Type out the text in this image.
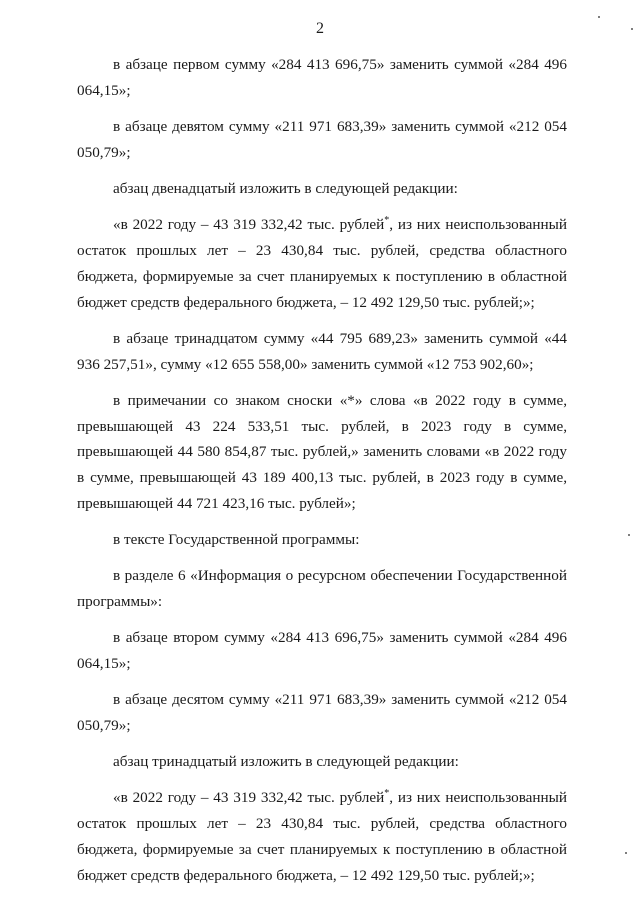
2

в абзаце первом сумму «284 413 696,75» заменить суммой «284 496 064,15»;

в абзаце девятом сумму «211 971 683,39» заменить суммой «212 054 050,79»;

абзац двенадцатый изложить в следующей редакции:

«в 2022 году – 43 319 332,42 тыс. рублей*, из них неиспользованный остаток прошлых лет – 23 430,84 тыс. рублей, средства областного бюджета, формируемые за счет планируемых к поступлению в областной бюджет средств федерального бюджета, – 12 492 129,50 тыс. рублей;»;

в абзаце тринадцатом сумму «44 795 689,23» заменить суммой «44 936 257,51», сумму «12 655 558,00» заменить суммой «12 753 902,60»;

в примечании со знаком сноски «*» слова «в 2022 году в сумме, превышающей 43 224 533,51 тыс. рублей, в 2023 году в сумме, превышающей 44 580 854,87 тыс. рублей,» заменить словами «в 2022 году в сумме, превышающей 43 189 400,13 тыс. рублей, в 2023 году в сумме, превышающей 44 721 423,16 тыс. рублей»;

в тексте Государственной программы:

в разделе 6 «Информация о ресурсном обеспечении Государственной программы»:

в абзаце втором сумму «284 413 696,75» заменить суммой «284 496 064,15»;

в абзаце десятом сумму «211 971 683,39» заменить суммой «212 054 050,79»;

абзац тринадцатый изложить в следующей редакции:

«в 2022 году – 43 319 332,42 тыс. рублей*, из них неиспользованный остаток прошлых лет – 23 430,84 тыс. рублей, средства областного бюджета, формируемые за счет планируемых к поступлению в областной бюджет средств федерального бюджета, – 12 492 129,50 тыс. рублей;»;
